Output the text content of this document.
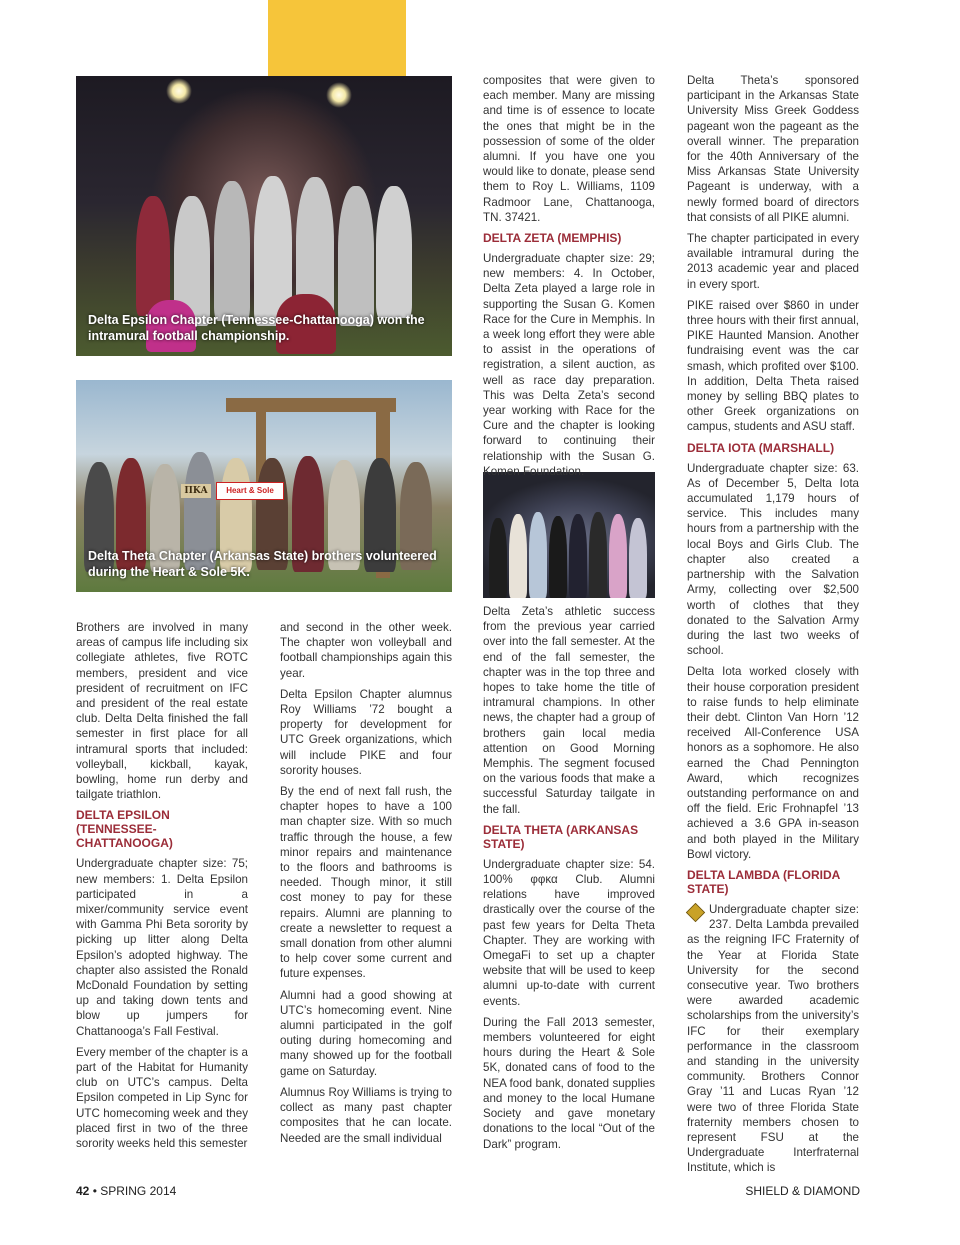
Delta Epsilon Chapter (Tennessee-Chattanooga) won the intramural football championship.
Heart & Sole
ΠΚΑ
Delta Theta Chapter (Arkansas State) brothers volunteered during the Heart & Sole 5K.

Brothers are involved in many areas of campus life including six collegiate athletes, five ROTC members, president and vice president of recruitment on IFC and president of the real estate club. Delta Delta finished the fall semester in first place for all intramural sports that included: volleyball, kickball, kayak, bowling, home run derby and tailgate triathlon.

DELTA EPSILON (TENNESSEE-CHATTANOOGA)

Undergraduate chapter size: 75; new members: 1. Delta Epsilon participated in a mixer/community service event with Gamma Phi Beta sorority by picking up litter along Delta Epsilon’s adopted highway. The chapter also assisted the Ronald McDonald Foundation by setting up and taking down tents and blow up jumpers for Chattanooga’s Fall Festival.

Every member of the chapter is a part of the Habitat for Humanity club on UTC’s campus. Delta Epsilon competed in Lip Sync for UTC homecoming week and they placed first in two of the three sorority weeks held this semester

and second in the other week. The chapter won volleyball and football championships again this year.

Delta Epsilon Chapter alumnus Roy Williams ’72 bought a property for development for UTC Greek organizations, which will include PIKE and four sorority houses.

By the end of next fall rush, the chapter hopes to have a 100 man chapter size. With so much traffic through the house, a few minor repairs and maintenance to the floors and bathrooms is needed. Though minor, it still cost money to pay for these repairs. Alumni are planning to create a newsletter to request a small donation from other alumni to help cover some current and future expenses.

Alumni had a good showing at UTC’s homecoming event. Nine alumni participated in the golf outing during homecoming and many showed up for the football game on Saturday.

Alumnus Roy Williams is trying to collect as many past chapter composites that he can locate. Needed are the small individual

composites that were given to each member. Many are missing and time is of essence to locate the ones that might be in the possession of some of the older alumni. If you have one you would like to donate, please send them to Roy L. Williams, 1109 Radmoor Lane, Chattanooga, TN. 37421.

DELTA ZETA (MEMPHIS)

Undergraduate chapter size: 29; new members: 4. In October, Delta Zeta played a large role in supporting the Susan G. Komen Race for the Cure in Memphis. In a week long effort they were able to assist in the operations of registration, a silent auction, as well as race day preparation. This was Delta Zeta’s second year working with Race for the Cure and the chapter is looking forward to continuing their relationship with the Susan G. Komen Foundation.

Delta Zeta’s athletic success from the previous year carried over into the fall semester. At the end of the fall semester, the chapter was in the top three and hopes to take home the title of intramural champions. In other news, the chapter had a group of brothers gain local media attention on Good Morning Memphis. The segment focused on the various foods that make a successful Saturday tailgate in the fall.

DELTA THETA (ARKANSAS STATE)

Undergraduate chapter size: 54. 100% φφκα Club. Alumni relations have improved drastically over the course of the past few years for Delta Theta Chapter. They are working with OmegaFi to set up a chapter website that will be used to keep alumni up-to-date with current events.

During the Fall 2013 semester, members volunteered for eight hours during the Heart & Sole 5K, donated cans of food to the NEA food bank, donated supplies and money to the local Humane Society and gave monetary donations to the local “Out of the Dark” program.

Delta Theta’s sponsored participant in the Arkansas State University Miss Greek Goddess pageant won the pageant as the overall winner. The preparation for the 40th Anniversary of the Miss Arkansas State University Pageant is underway, with a newly formed board of directors that consists of all PIKE alumni.

The chapter participated in every available intramural during the 2013 academic year and placed in every sport.

PIKE raised over $860 in under three hours with their first annual, PIKE Haunted Mansion. Another fundraising event was the car smash, which profited over $100. In addition, Delta Theta raised money by selling BBQ plates to other Greek organizations on campus, students and ASU staff.

DELTA IOTA (MARSHALL)

Undergraduate chapter size: 63. As of December 5, Delta Iota accumulated 1,179 hours of service. This includes many hours from a partnership with the local Boys and Girls Club. The chapter also created a partnership with the Salvation Army, collecting over $2,500 worth of clothes that they donated to the Salvation Army during the last two weeks of school.

Delta Iota worked closely with their house corporation president to raise funds to help eliminate their debt. Clinton Van Horn ’12 received All-Conference USA honors as a sophomore. He also earned the Chad Pennington Award, which recognizes outstanding performance on and off the field. Eric Frohnapfel ’13 achieved a 3.6 GPA in-season and both played in the Military Bowl victory.

DELTA LAMBDA (FLORIDA STATE)

Undergraduate chapter size: 237. Delta Lambda prevailed as the reigning IFC Fraternity of the Year at Florida State University for the second consecutive year. Two brothers were awarded academic scholarships from the university’s IFC for their exemplary performance in the classroom and standing in the university community. Brothers Connor Gray ’11 and Lucas Ryan ’12 were two of three Florida State fraternity members chosen to represent FSU at the Undergraduate Interfraternal Institute, which is

42 • SPRING 2014	SHIELD & DIAMOND
